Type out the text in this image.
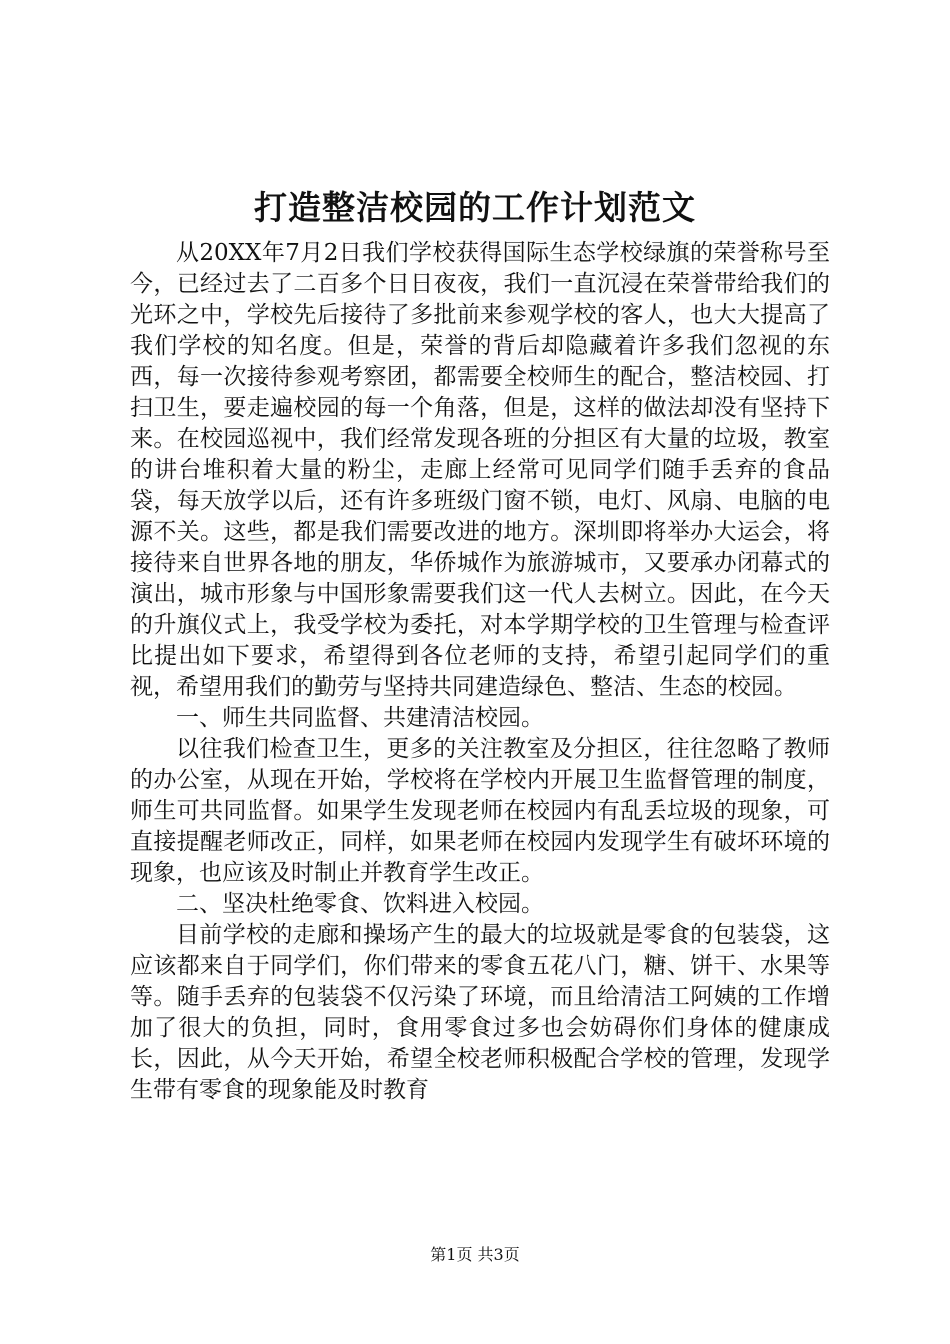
打造整洁校园的工作计划范文

从20XX年7月2日我们学校获得国际生态学校绿旗的荣誉称号至今，已经过去了二百多个日日夜夜，我们一直沉浸在荣誉带给我们的光环之中，学校先后接待了多批前来参观学校的客人，也大大提高了我们学校的知名度。但是，荣誉的背后却隐藏着许多我们忽视的东西，每一次接待参观考察团，都需要全校师生的配合，整洁校园、打扫卫生，要走遍校园的每一个角落，但是，这样的做法却没有坚持下来。在校园巡视中，我们经常发现各班的分担区有大量的垃圾，教室的讲台堆积着大量的粉尘，走廊上经常可见同学们随手丢弃的食品袋，每天放学以后，还有许多班级门窗不锁，电灯、风扇、电脑的电源不关。这些，都是我们需要改进的地方。深圳即将举办大运会，将接待来自世界各地的朋友，华侨城作为旅游城市，又要承办闭幕式的演出，城市形象与中国形象需要我们这一代人去树立。因此，在今天的升旗仪式上，我受学校为委托，对本学期学校的卫生管理与检查评比提出如下要求，希望得到各位老师的支持，希望引起同学们的重视，希望用我们的勤劳与坚持共同建造绿色、整洁、生态的校园。

一、师生共同监督、共建清洁校园。

以往我们检查卫生，更多的关注教室及分担区，往往忽略了教师的办公室，从现在开始，学校将在学校内开展卫生监督管理的制度，师生可共同监督。如果学生发现老师在校园内有乱丢垃圾的现象，可直接提醒老师改正，同样，如果老师在校园内发现学生有破坏环境的现象，也应该及时制止并教育学生改正。

二、坚决杜绝零食、饮料进入校园。

目前学校的走廊和操场产生的最大的垃圾就是零食的包装袋，这应该都来自于同学们，你们带来的零食五花八门，糖、饼干、水果等等。随手丢弃的包装袋不仅污染了环境，而且给清洁工阿姨的工作增加了很大的负担，同时，食用零食过多也会妨碍你们身体的健康成长，因此，从今天开始，希望全校老师积极配合学校的管理，发现学生带有零食的现象能及时教育

第1页 共3页
